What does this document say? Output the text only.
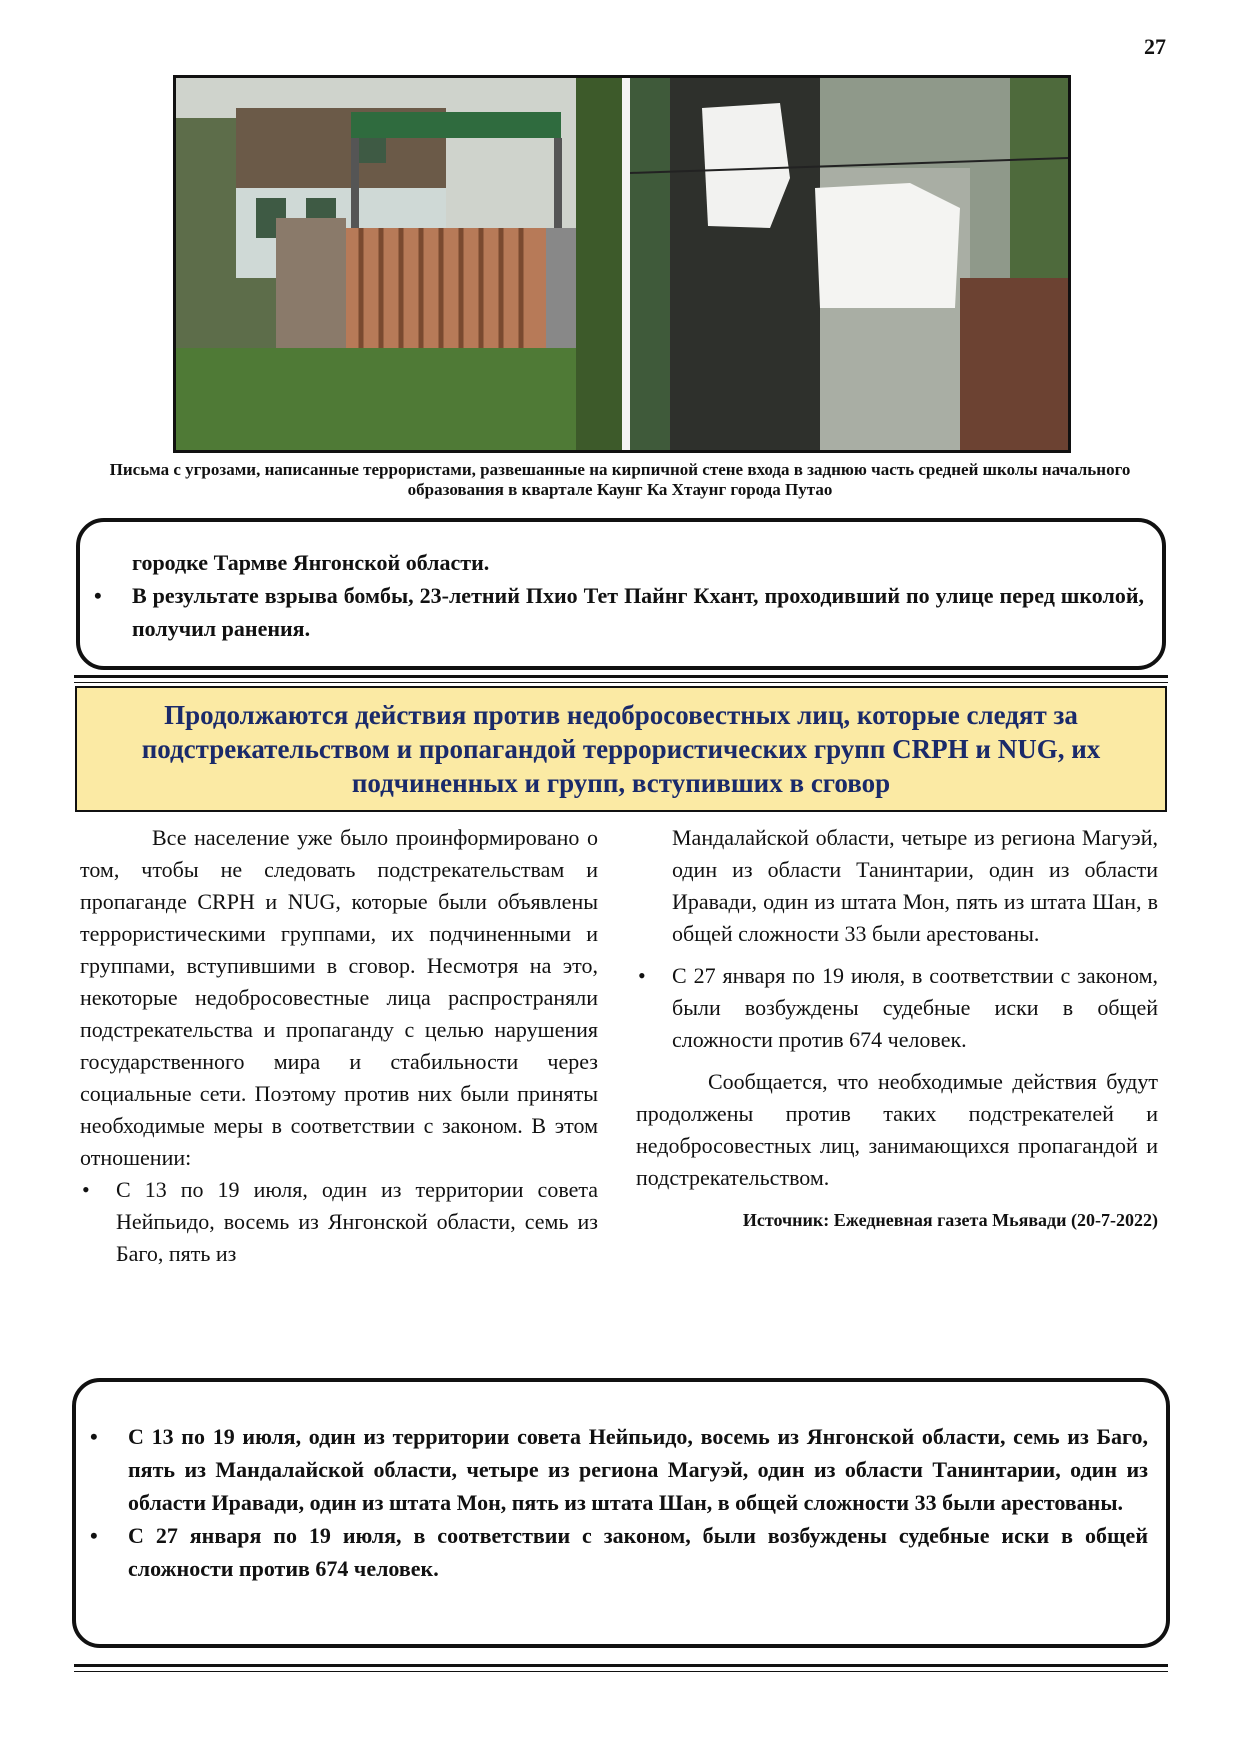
27
Письма с угрозами, написанные террористами, развешанные на кирпичной стене входа в заднюю часть средней школы начального образования в квартале Каунг Ка Хтаунг города Путао
городке Тармве Янгонской области.
• В результате взрыва бомбы, 23-летний Пхио Тет Пайнг Кхант, проходивший по улице перед школой, получил ранения.
Продолжаются действия против недобросовестных лиц, которые следят за подстрекательством и пропагандой террористических групп CRPH и NUG, их подчиненных и групп, вступивших в сговор

Все население уже было проинформировано о том, чтобы не следовать подстрекательствам и пропаганде CRPH и NUG, которые были объявлены террористическими группами, их подчиненными и группами, вступившими в сговор. Несмотря на это, некоторые недобросовестные лица распространяли подстрекательства и пропаганду с целью нарушения государственного мира и стабильности через социальные сети. Поэтому против них были приняты необходимые меры в соответствии с законом. В этом отношении:

• С 13 по 19 июля, один из территории совета Нейпьидо, восемь из Янгонской области, семь из Баго, пять из

Мандалайской области, четыре из региона Магуэй, один из области Танинтарии, один из области Иравади, один из штата Мон, пять из штата Шан, в общей сложности 33 были арестованы.

• С 27 января по 19 июля, в соответствии с законом, были возбуждены судебные иски в общей сложности против 674 человек.

Сообщается, что необходимые действия будут продолжены против таких подстрекателей и недобросовестных лиц, занимающихся пропагандой и подстрекательством.

Источник: Ежедневная газета Мьявади (20-7-2022)
• С 13 по 19 июля, один из территории совета Нейпьидо, восемь из Янгонской области, семь из Баго, пять из Мандалайской области, четыре из региона Магуэй, один из области Танинтарии, один из области Иравади, один из штата Мон, пять из штата Шан, в общей сложности 33 были арестованы.
• С 27 января по 19 июля, в соответствии с законом, были возбуждены судебные иски в общей сложности против 674 человек.
